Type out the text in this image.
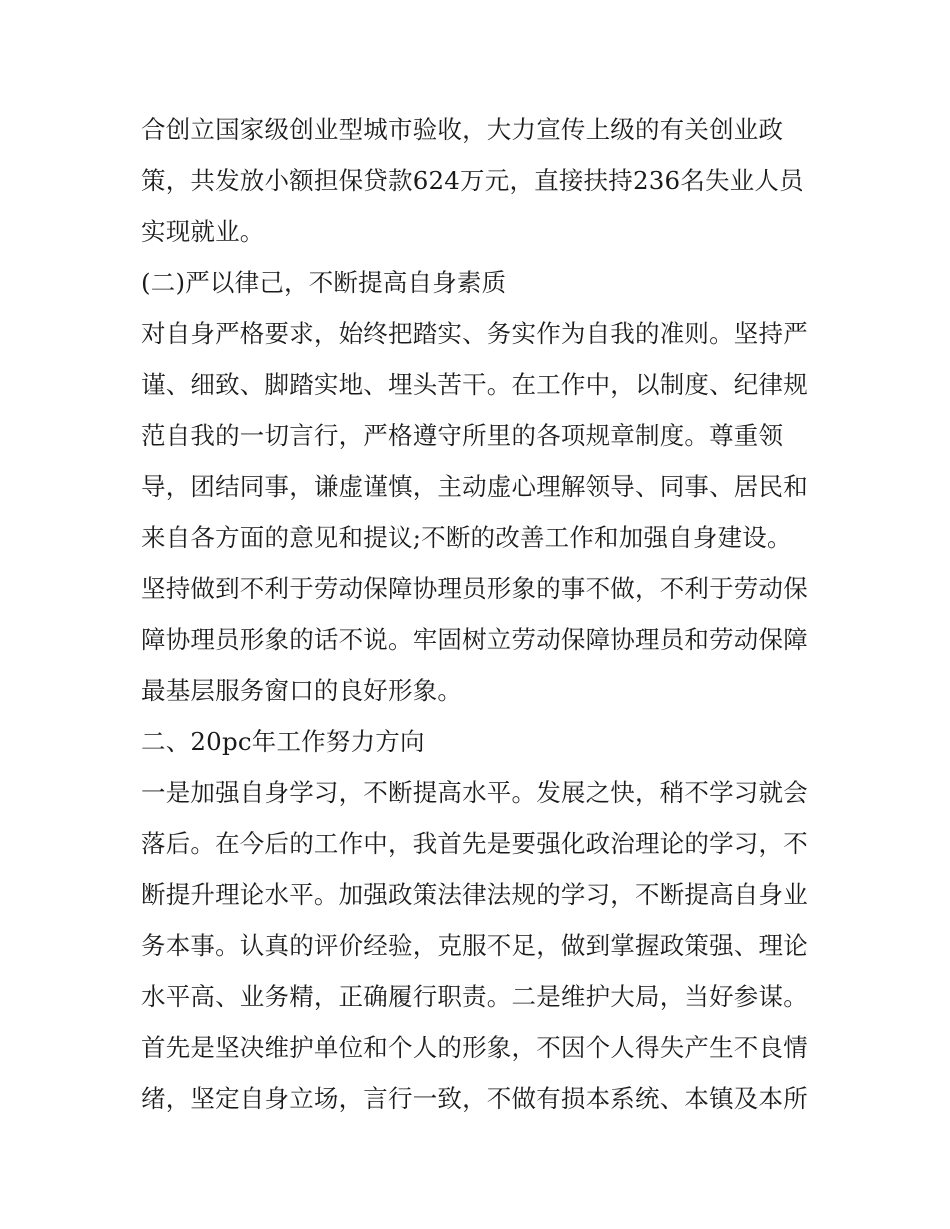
合创立国家级创业型城市验收，大力宣传上级的有关创业政
策，共发放小额担保贷款624万元，直接扶持236名失业人员
实现就业。
(二)严以律己，不断提高自身素质
对自身严格要求，始终把踏实、务实作为自我的准则。坚持严
谨、细致、脚踏实地、埋头苦干。在工作中，以制度、纪律规
范自我的一切言行，严格遵守所里的各项规章制度。尊重领
导，团结同事，谦虚谨慎，主动虚心理解领导、同事、居民和
来自各方面的意见和提议;不断的改善工作和加强自身建设。
坚持做到不利于劳动保障协理员形象的事不做，不利于劳动保
障协理员形象的话不说。牢固树立劳动保障协理员和劳动保障
最基层服务窗口的良好形象。
二、20pc年工作努力方向
一是加强自身学习，不断提高水平。发展之快，稍不学习就会
落后。在今后的工作中，我首先是要强化政治理论的学习，不
断提升理论水平。加强政策法律法规的学习，不断提高自身业
务本事。认真的评价经验，克服不足，做到掌握政策强、理论
水平高、业务精，正确履行职责。二是维护大局，当好参谋。
首先是坚决维护单位和个人的形象，不因个人得失产生不良情
绪，坚定自身立场，言行一致，不做有损本系统、本镇及本所
